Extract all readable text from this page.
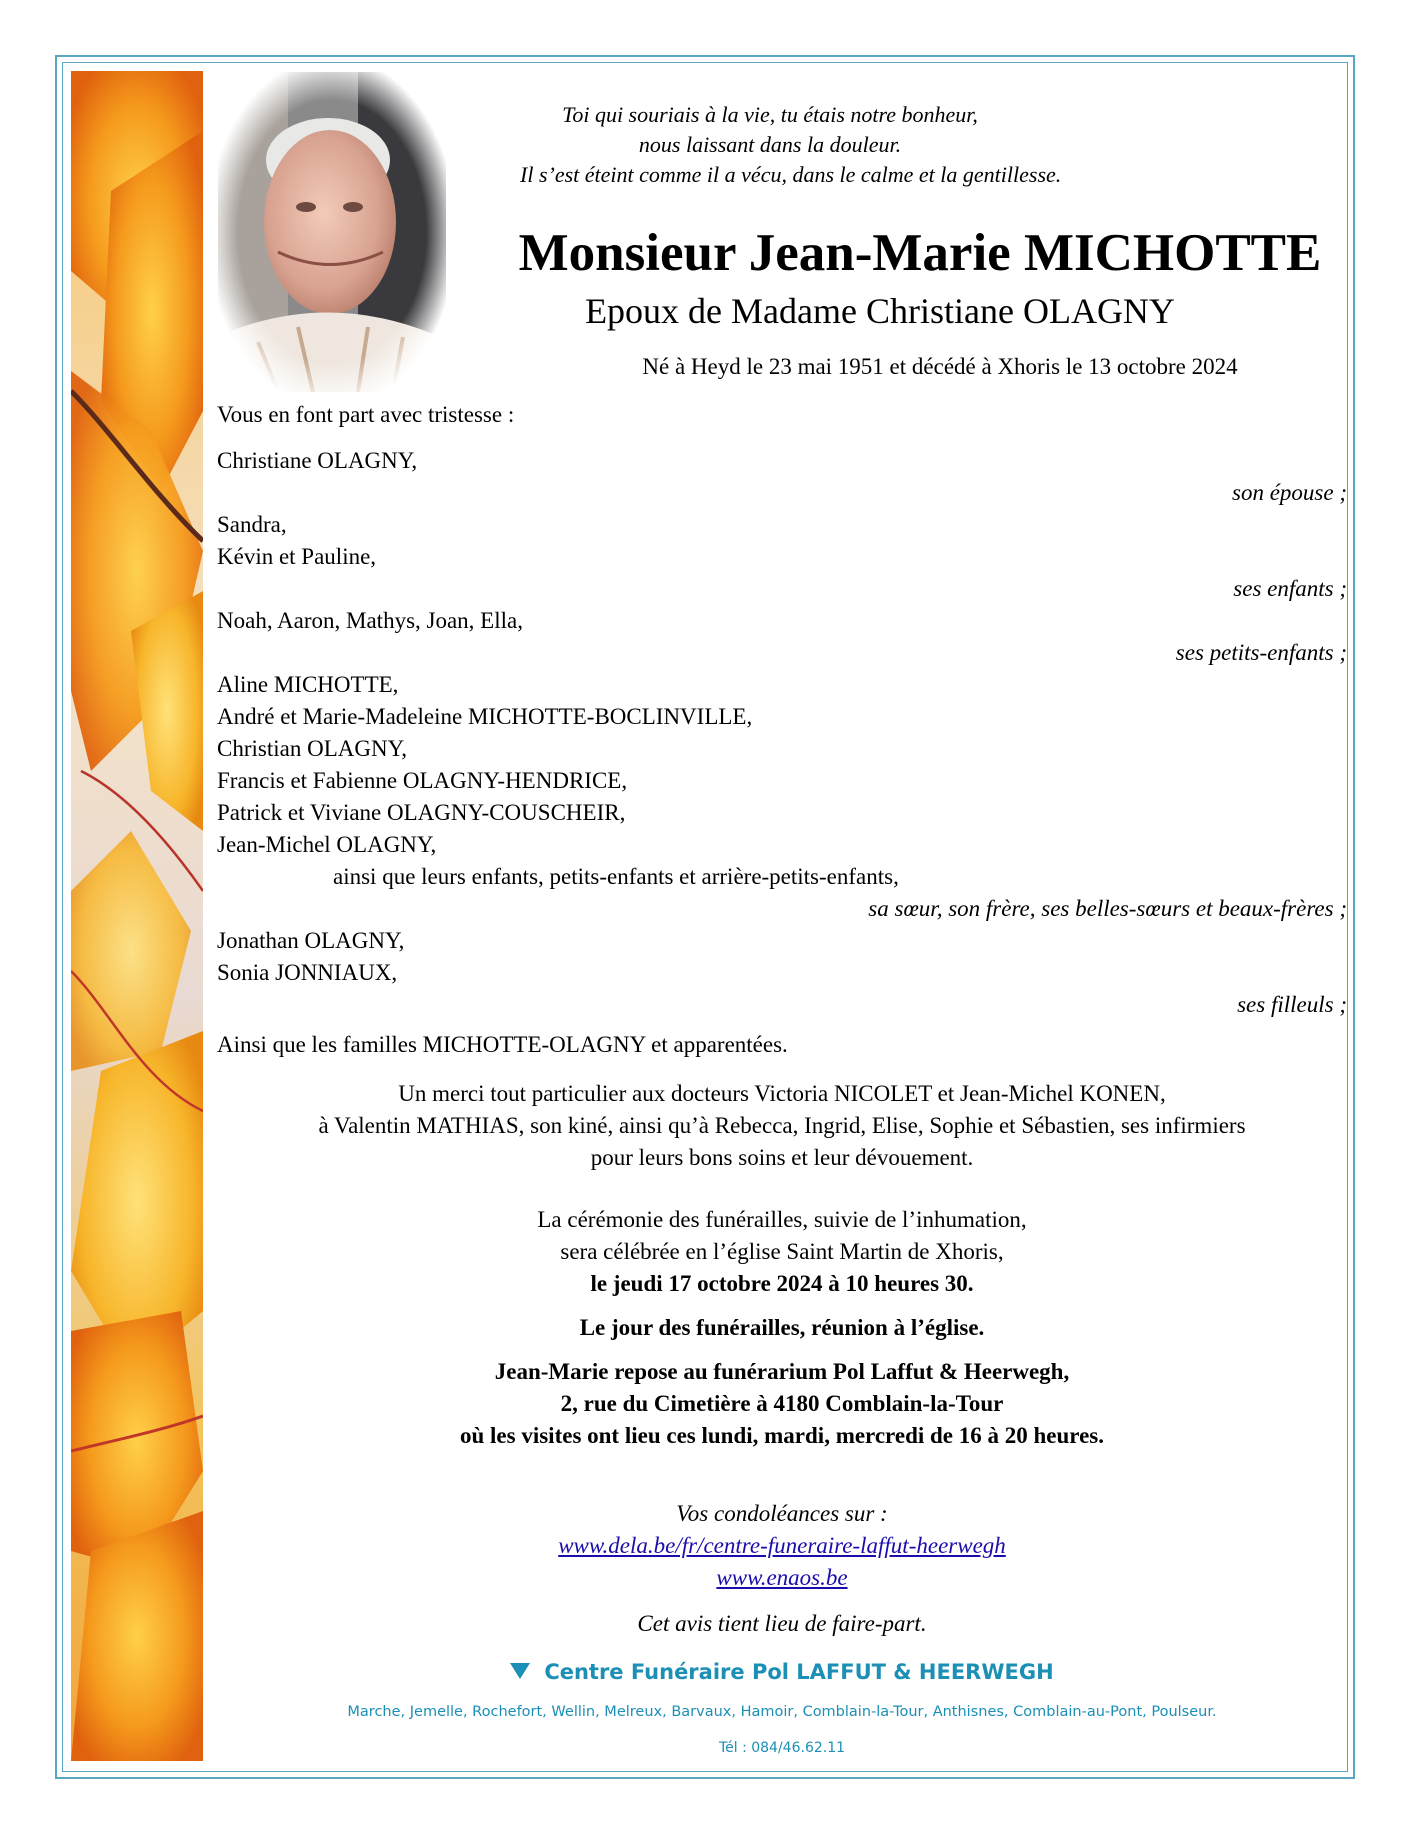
Toi qui souriais à la vie, tu étais notre bonheur,
nous laissant dans la douleur.
Il s’est éteint comme il a vécu, dans le calme et la gentillesse.
Monsieur Jean-Marie MICHOTTE
Epoux de Madame Christiane OLAGNY
Né à Heyd le 23 mai 1951 et décédé à Xhoris le 13 octobre 2024
Vous en font part avec tristesse :
Christiane OLAGNY,
son épouse ;
Sandra,
Kévin et Pauline,
ses enfants ;
Noah, Aaron, Mathys, Joan, Ella,
ses petits-enfants ;
Aline MICHOTTE,
André et Marie-Madeleine MICHOTTE-BOCLINVILLE,
Christian OLAGNY,
Francis et Fabienne OLAGNY-HENDRICE,
Patrick et Viviane OLAGNY-COUSCHEIR,
Jean-Michel OLAGNY,
ainsi que leurs enfants, petits-enfants et arrière-petits-enfants,
sa sœur, son frère, ses belles-sœurs et beaux-frères ;
Jonathan OLAGNY,
Sonia JONNIAUX,
ses filleuls ;
Ainsi que les familles MICHOTTE-OLAGNY et apparentées.
Un merci tout particulier aux docteurs Victoria NICOLET et Jean-Michel KONEN,
à Valentin MATHIAS, son kiné, ainsi qu’à Rebecca, Ingrid, Elise, Sophie et Sébastien, ses infirmiers
pour leurs bons soins et leur dévouement.
La cérémonie des funérailles, suivie de l’inhumation,
sera célébrée en l’église Saint Martin de Xhoris,
le jeudi 17 octobre 2024 à 10 heures 30.
Le jour des funérailles, réunion à l’église.
Jean-Marie repose au funérarium Pol Laffut & Heerwegh,
2, rue du Cimetière à 4180 Comblain-la-Tour
où les visites ont lieu ces lundi, mardi, mercredi de 16 à 20 heures.
Vos condoléances sur :
www.dela.be/fr/centre-funeraire-laffut-heerwegh
www.enaos.be
Cet avis tient lieu de faire-part.
Centre Funéraire Pol LAFFUT & HEERWEGH
Marche, Jemelle, Rochefort, Wellin, Melreux, Barvaux, Hamoir, Comblain-la-Tour, Anthisnes, Comblain-au-Pont, Poulseur.
Tél : 084/46.62.11
